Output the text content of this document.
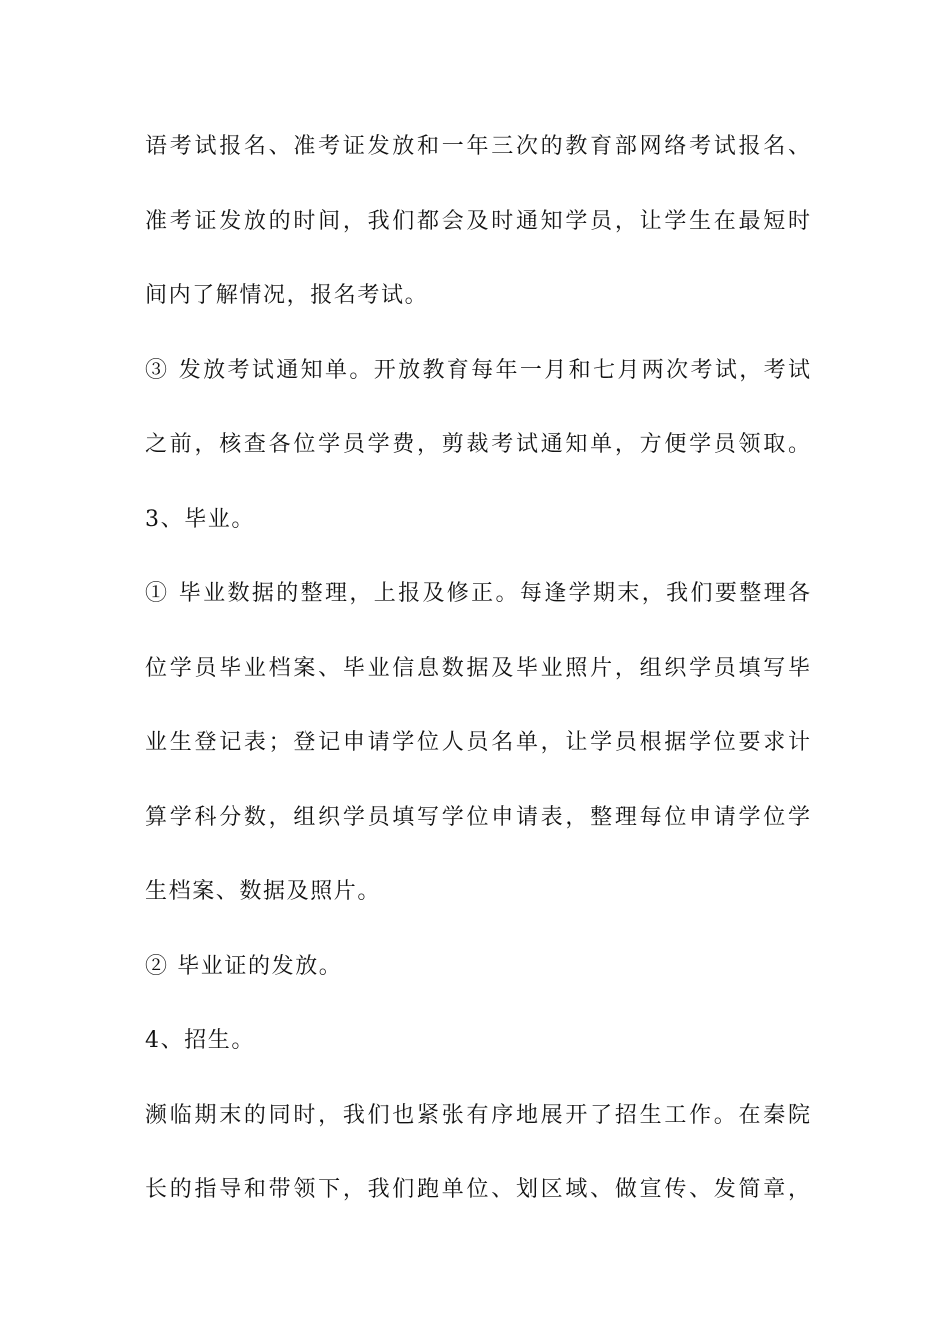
语考试报名、准考证发放和一年三次的教育部网络考试报名、
准考证发放的时间，我们都会及时通知学员，让学生在最短时
间内了解情况，报名考试。
③ 发放考试通知单。开放教育每年一月和七月两次考试，考试
之前，核查各位学员学费，剪裁考试通知单，方便学员领取。
3、毕业。
① 毕业数据的整理，上报及修正。每逢学期末，我们要整理各
位学员毕业档案、毕业信息数据及毕业照片，组织学员填写毕
业生登记表；登记申请学位人员名单，让学员根据学位要求计
算学科分数，组织学员填写学位申请表，整理每位申请学位学
生档案、数据及照片。
② 毕业证的发放。
4、招生。
濒临期末的同时，我们也紧张有序地展开了招生工作。在秦院
长的指导和带领下，我们跑单位、划区域、做宣传、发简章，
